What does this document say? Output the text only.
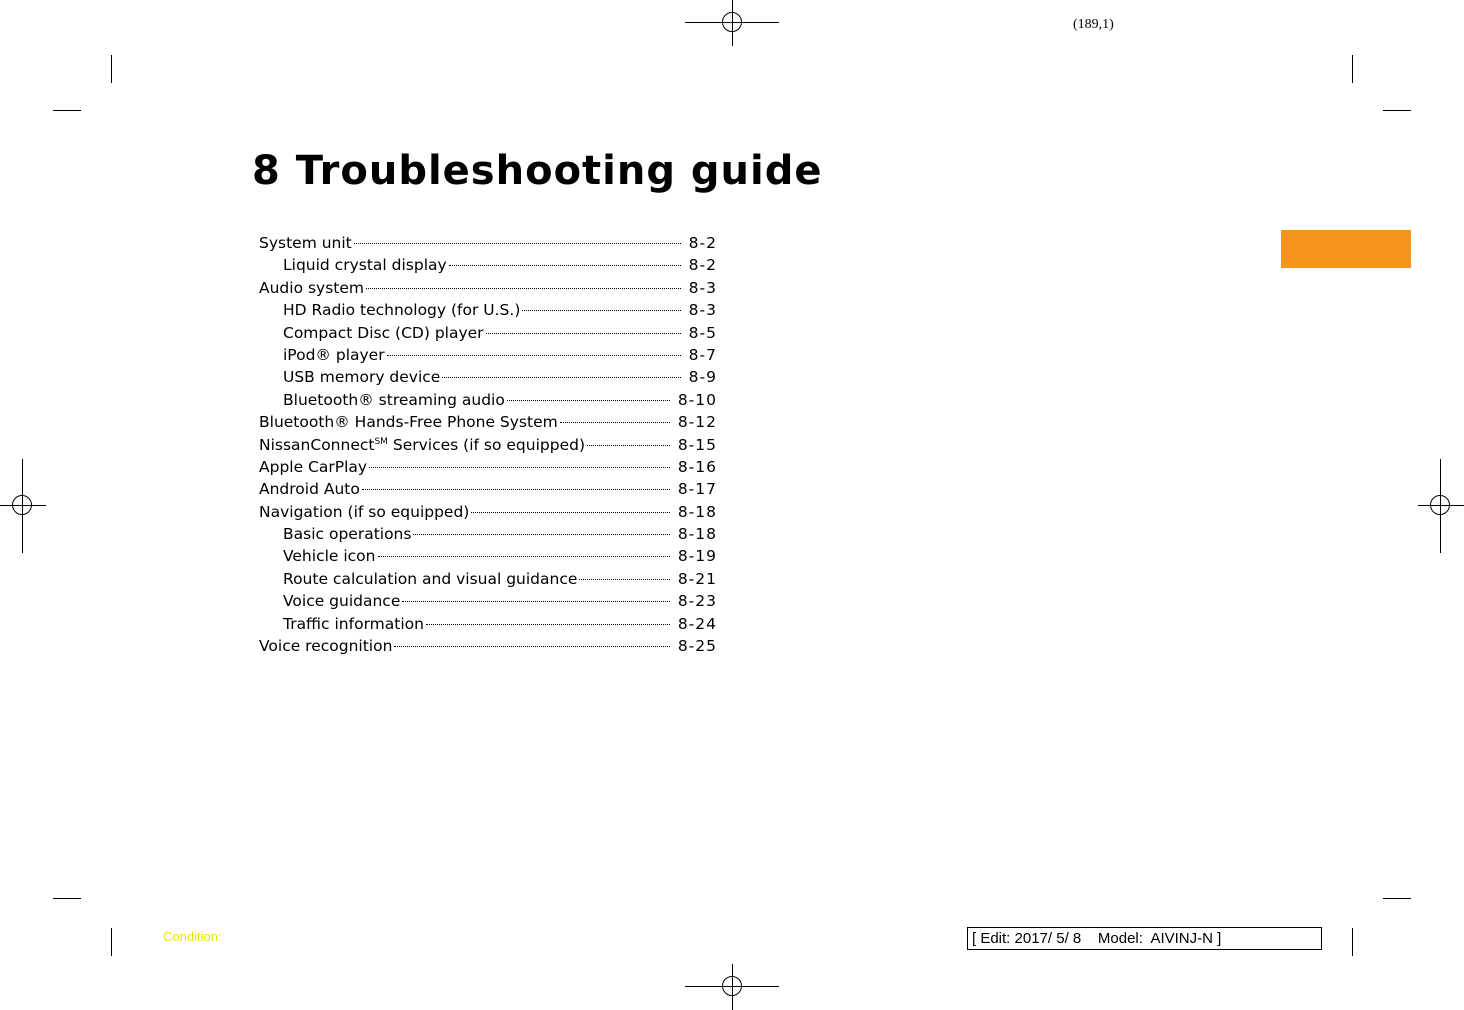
(189,1)
8 Troubleshooting guide
System unit	8-2
Liquid crystal display	8-2
Audio system	8-3
HD Radio technology (for U.S.)	8-3
Compact Disc (CD) player	8-5
iPod® player	8-7
USB memory device	8-9
Bluetooth® streaming audio	8-10
Bluetooth® Hands-Free Phone System	8-12
NissanConnect℠ Services (if so equipped)	8-15
Apple CarPlay	8-16
Android Auto	8-17
Navigation (if so equipped)	8-18
Basic operations	8-18
Vehicle icon	8-19
Route calculation and visual guidance	8-21
Voice guidance	8-23
Traffic information	8-24
Voice recognition	8-25
Condition:	[ Edit: 2017/ 5/ 8    Model:  AIVINJ-N ]
